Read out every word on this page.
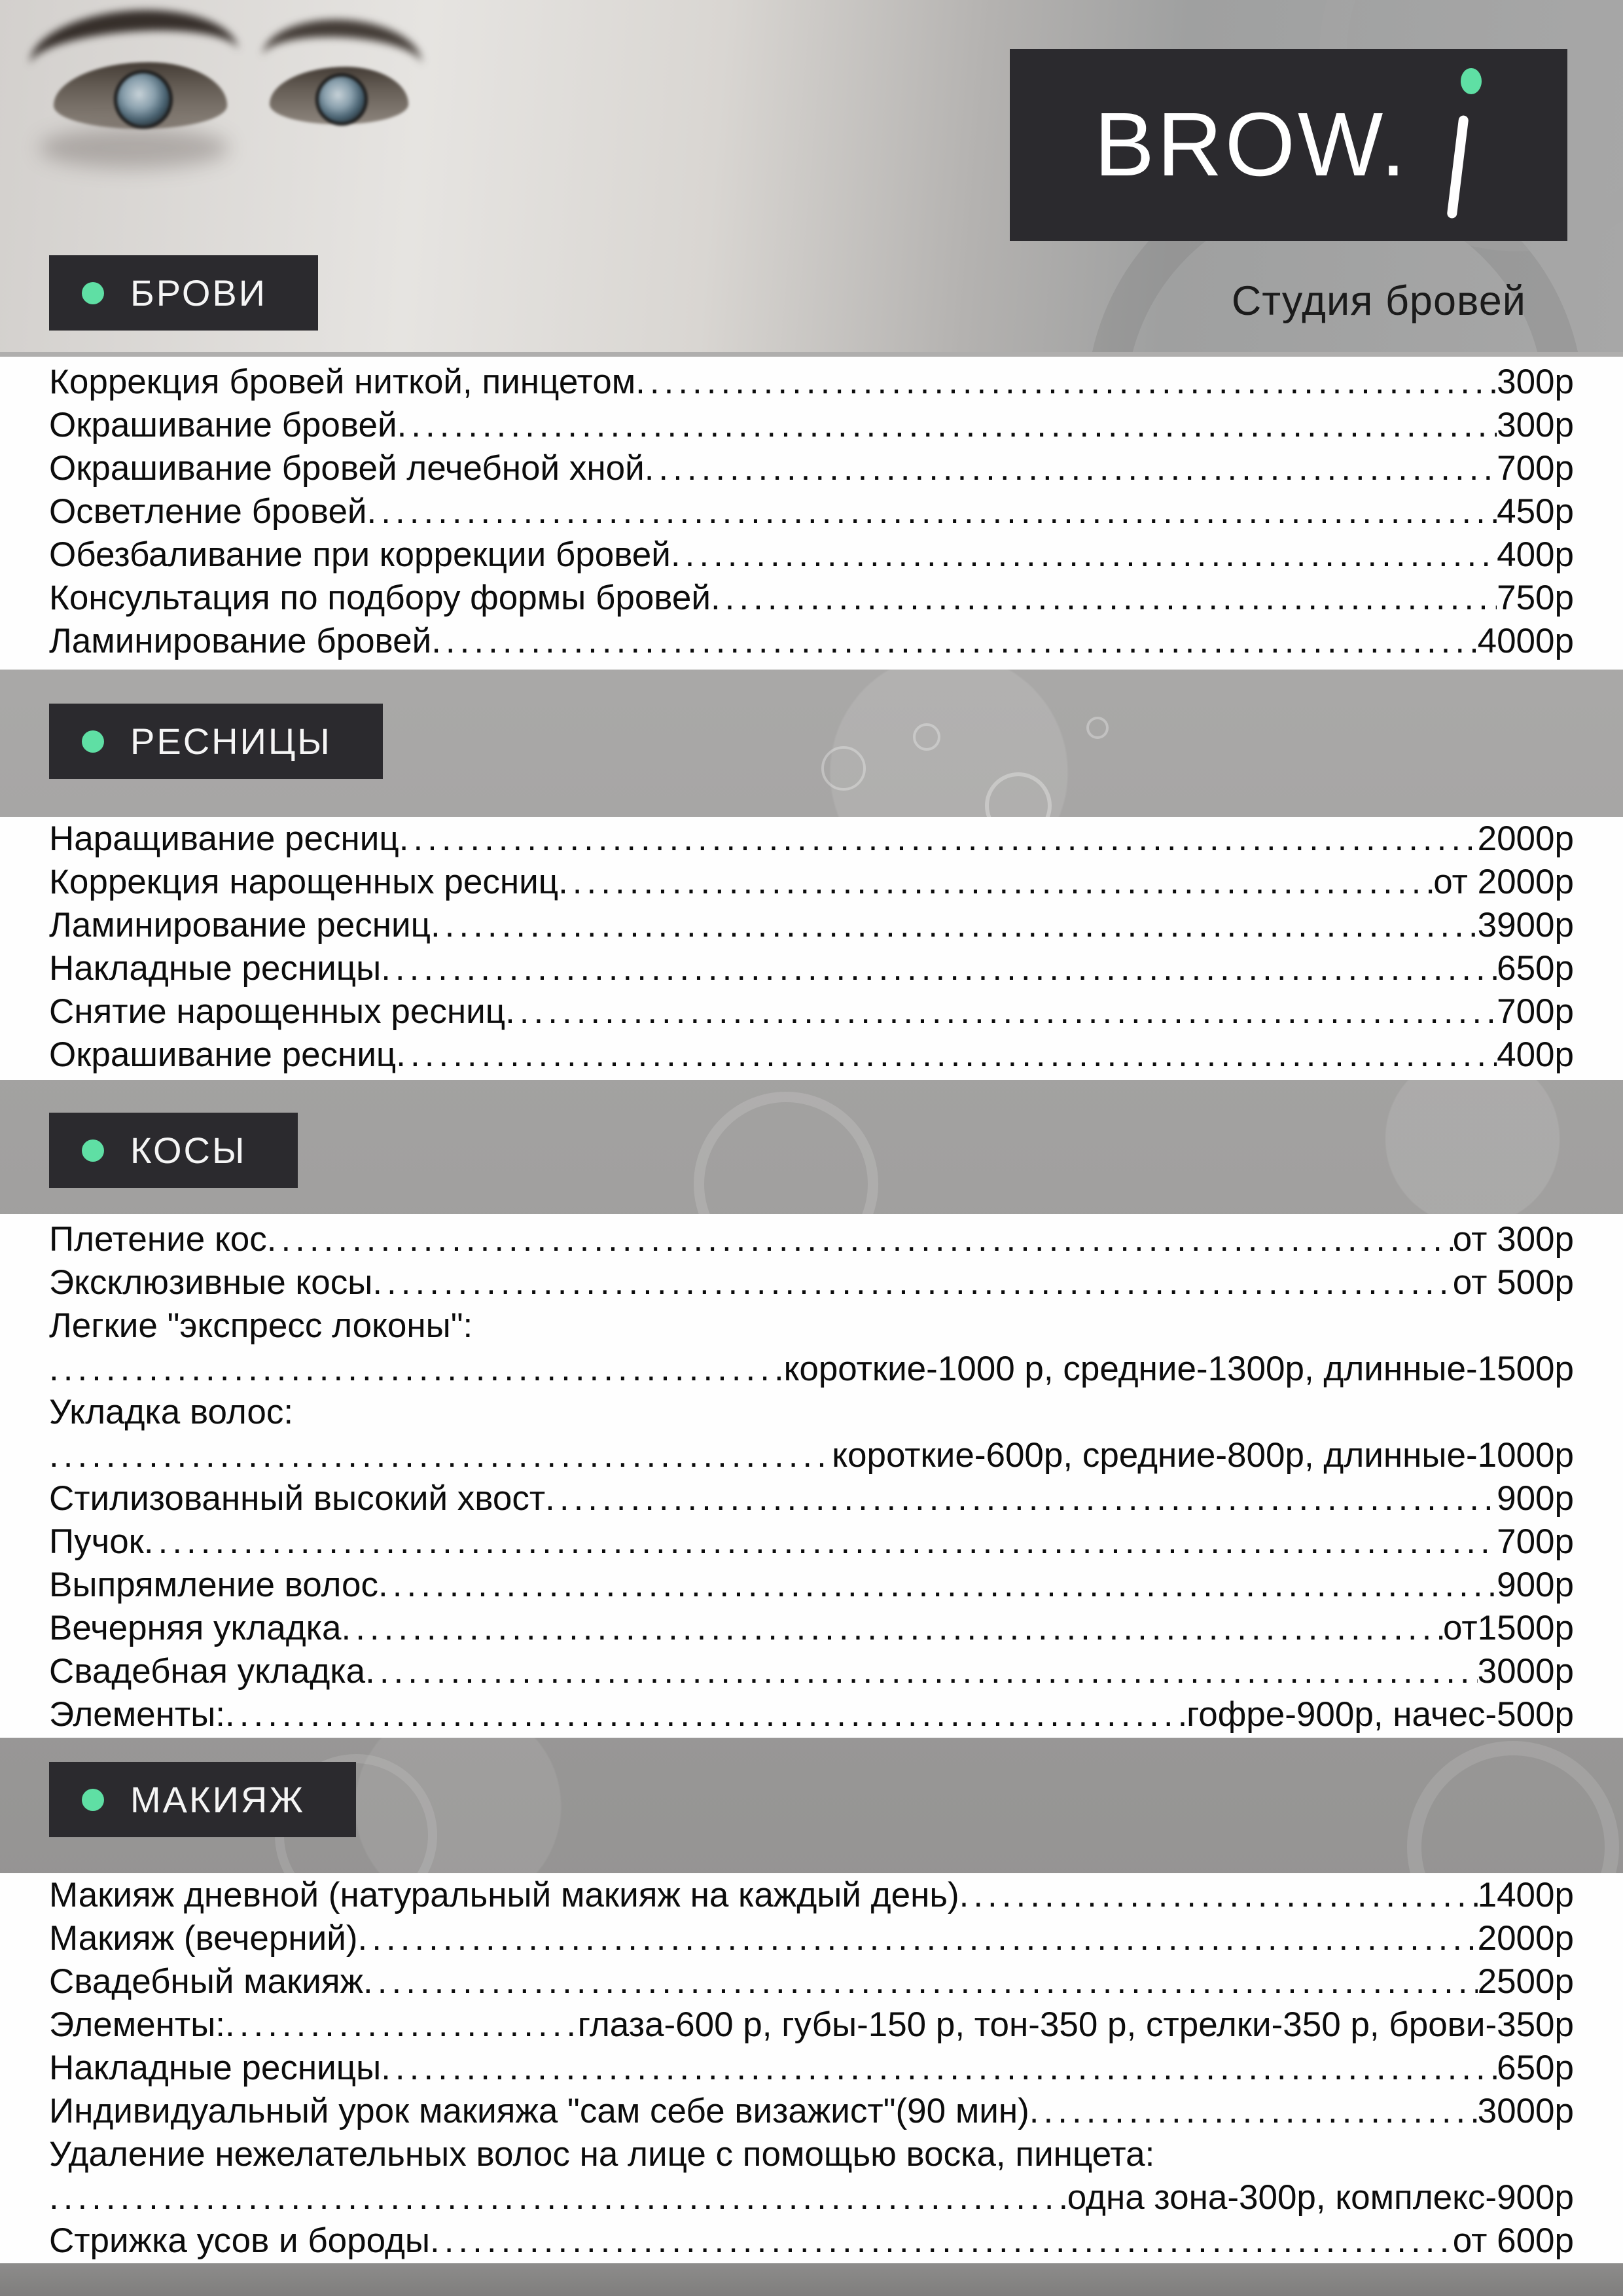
BROW.
Студия бровей
БРОВИ
РЕСНИЦЫ
КОСЫ
МАКИЯЖ
Коррекция бровей ниткой, пинцетом .....	300р
Окрашивание бровей .....	300р
Окрашивание бровей лечебной хной .....	700р
Осветление бровей .....	450р
Обезбаливание при коррекции бровей .....	400р
Консультация по подбору формы бровей .....	750р
Ламинирование бровей .....	4000р
Наращивание ресниц .....	2000р
Коррекция нарощенных ресниц .....	от 2000р
Ламинирование ресниц .....	3900р
Накладные ресницы .....	650р
Снятие нарощенных ресниц .....	700р
Окрашивание ресниц .....	400р
Плетение кос .....	от 300р
Эксклюзивные косы .....	от 500р
Легкие "экспресс локоны":
.....
короткие-1000 р, средние-1300р, длинные-1500р
Укладка волос:
.....
короткие-600р, средние-800р, длинные-1000р
Стилизованный высокий хвост .....	900р
Пучок .....	700р
Выпрямление волос .....	900р
Вечерняя укладка .....	от1500р
Свадебная укладка .....	3000р
Элементы: .....	гофре-900р, начес-500р
Макияж дневной (натуральный макияж на каждый день) .....	1400р
Макияж (вечерний) .....	2000р
Свадебный макияж .....	2500р
Элементы: .....	глаза-600 р, губы-150 р, тон-350 р, стрелки-350 р, брови-350р
Накладные ресницы .....	650р
Индивидуальный урок макияжа "сам себе визажист"(90 мин) .....	3000р
Удаление нежелательных волос на лице с помощью воска, пинцета:
.....
одна зона-300р, комплекс-900р
Стрижка усов и бороды .....	от 600р
